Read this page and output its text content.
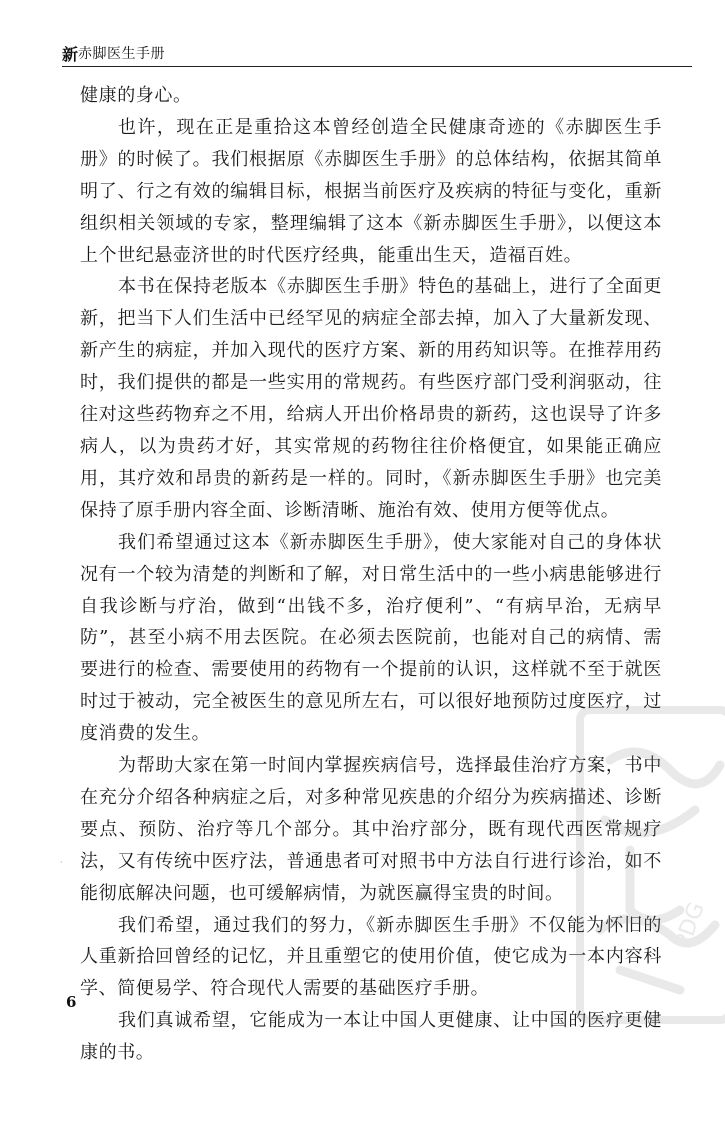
新 赤脚医生手册

健康的身心。

也许，现在正是重拾这本曾经创造全民健康奇迹的《赤脚医生手册》的时候了。我们根据原《赤脚医生手册》的总体结构，依据其简单明了、行之有效的编辑目标，根据当前医疗及疾病的特征与变化，重新组织相关领域的专家，整理编辑了这本《新赤脚医生手册》，以便这本上个世纪悬壶济世的时代医疗经典，能重出生天，造福百姓。

本书在保持老版本《赤脚医生手册》特色的基础上，进行了全面更新，把当下人们生活中已经罕见的病症全部去掉，加入了大量新发现、新产生的病症，并加入现代的医疗方案、新的用药知识等。在推荐用药时，我们提供的都是一些实用的常规药。有些医疗部门受利润驱动，往往对这些药物弃之不用，给病人开出价格昂贵的新药，这也误导了许多病人，以为贵药才好，其实常规的药物往往价格便宜，如果能正确应用，其疗效和昂贵的新药是一样的。同时，《新赤脚医生手册》也完美保持了原手册内容全面、诊断清晰、施治有效、使用方便等优点。

我们希望通过这本《新赤脚医生手册》，使大家能对自己的身体状况有一个较为清楚的判断和了解，对日常生活中的一些小病患能够进行自我诊断与疗治，做到“出钱不多，治疗便利”、“有病早治，无病早防”，甚至小病不用去医院。在必须去医院前，也能对自己的病情、需要进行的检查、需要使用的药物有一个提前的认识，这样就不至于就医时过于被动，完全被医生的意见所左右，可以很好地预防过度医疗，过度消费的发生。

为帮助大家在第一时间内掌握疾病信号，选择最佳治疗方案，书中在充分介绍各种病症之后，对多种常见疾患的介绍分为疾病描述、诊断要点、预防、治疗等几个部分。其中治疗部分，既有现代西医常规疗法，又有传统中医疗法，普通患者可对照书中方法自行进行诊治，如不能彻底解决问题，也可缓解病情，为就医赢得宝贵的时间。

我们希望，通过我们的努力，《新赤脚医生手册》不仅能为怀旧的人重新拾回曾经的记忆，并且重塑它的使用价值，使它成为一本内容科学、简便易学、符合现代人需要的基础医疗手册。

我们真诚希望，它能成为一本让中国人更健康、让中国的医疗更健康的书。

·
6
PDG
